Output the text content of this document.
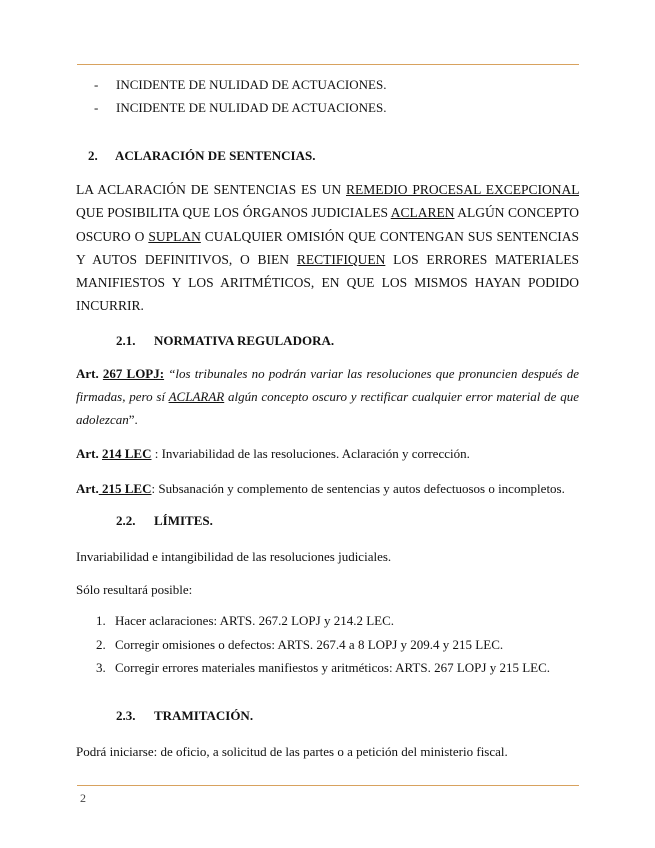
- INCIDENTE DE NULIDAD DE ACTUACIONES.
- INCIDENTE DE NULIDAD DE ACTUACIONES.
2. ACLARACIÓN DE SENTENCIAS.
LA ACLARACIÓN DE SENTENCIAS ES UN REMEDIO PROCESAL EXCEPCIONAL QUE POSIBILITA QUE LOS ÓRGANOS JUDICIALES ACLAREN ALGÚN CONCEPTO OSCURO O SUPLAN CUALQUIER OMISIÓN QUE CONTENGAN SUS SENTENCIAS Y AUTOS DEFINITIVOS, O BIEN RECTIFIQUEN LOS ERRORES MATERIALES MANIFIESTOS Y LOS ARITMÉTICOS, EN QUE LOS MISMOS HAYAN PODIDO INCURRIR.
2.1. NORMATIVA REGULADORA.
Art. 267 LOPJ: “los tribunales no podrán variar las resoluciones que pronuncien después de firmadas, pero sí ACLARAR algún concepto oscuro y rectificar cualquier error material de que adolezcan”.
Art. 214 LEC : Invariabilidad de las resoluciones. Aclaración y corrección.
Art. 215 LEC: Subsanación y complemento de sentencias y autos defectuosos o incompletos.
2.2. LÍMITES.
Invariabilidad e intangibilidad de las resoluciones judiciales.
Sólo resultará posible:
1. Hacer aclaraciones: ARTS. 267.2 LOPJ y 214.2 LEC.
2. Corregir omisiones o defectos: ARTS. 267.4 a 8 LOPJ y 209.4 y 215 LEC.
3. Corregir errores materiales manifiestos y aritméticos: ARTS. 267 LOPJ y 215 LEC.
2.3. TRAMITACIÓN.
Podrá iniciarse: de oficio, a solicitud de las partes o a petición del ministerio fiscal.
2
